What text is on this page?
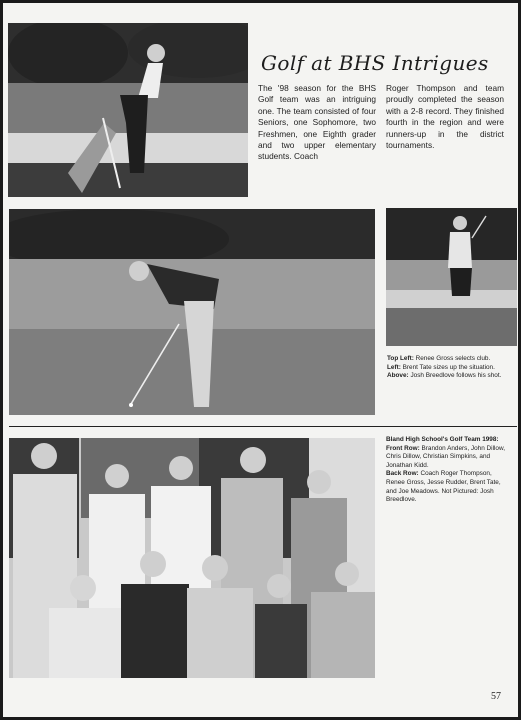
Golf at BHS Intrigues
The '98 season for the BHS Golf team was an intriguing one. The team consisted of four Seniors, one Sophomore, two Freshmen, one Eighth grader and two upper elementary students. Coach
Roger Thompson and team proudly completed the season with a 2-8 record. They finished fourth in the region and were runners-up in the district tournaments.
Top Left: Renee Gross selects club.
Left: Brent Tate sizes up the situation.
Above: Josh Breedlove follows his shot.
Bland High School's Golf Team 1998: Front Row: Brandon Anders, John Dillow, Chris Dillow, Christian Simpkins, and Jonathan Kidd.
Back Row: Coach Roger Thompson, Renee Gross, Jesse Rudder, Brent Tate, and Joe Meadows. Not Pictured: Josh Breedlove.
57
